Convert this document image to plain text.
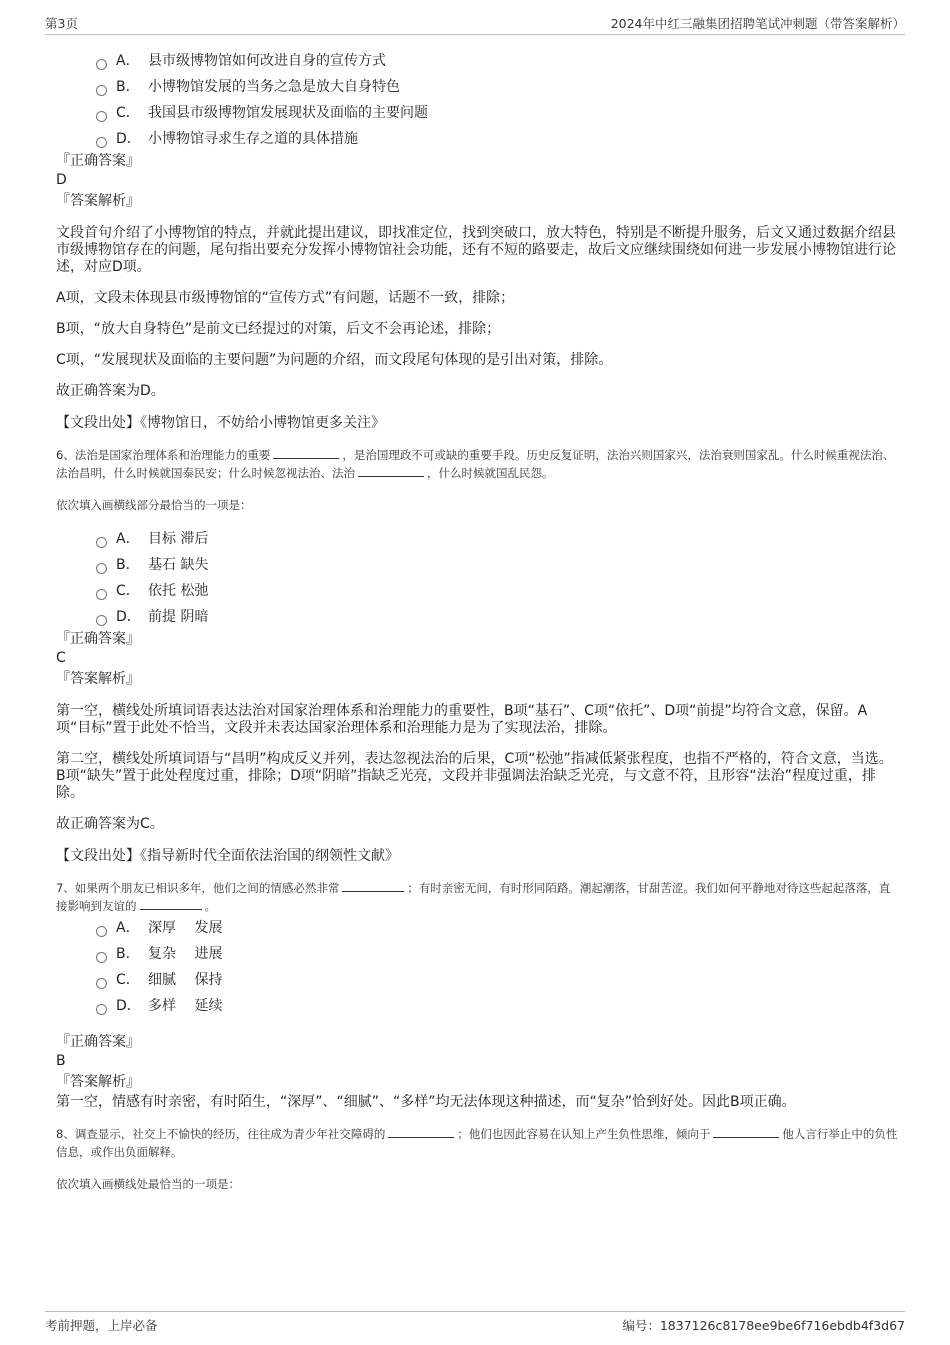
第3页	2024年中红三融集团招聘笔试冲刺题（带答案解析）
A． 县市级博物馆如何改进自身的宣传方式
B． 小博物馆发展的当务之急是放大自身特色
C． 我国县市级博物馆发展现状及面临的主要问题
D． 小博物馆寻求生存之道的具体措施

『正确答案』

D

『答案解析』

文段首句介绍了小博物馆的特点，并就此提出建议，即找准定位，找到突破口，放大特色，特别是不断提升服务，后文又通过数据介绍县市级博物馆存在的问题，尾句指出要充分发挥小博物馆社会功能，还有不短的路要走，故后文应继续围绕如何进一步发展小博物馆进行论述，对应D项。

A项，文段未体现县市级博物馆的“宣传方式”有问题，话题不一致，排除；

B项，“放大自身特色”是前文已经提过的对策，后文不会再论述，排除；

C项，“发展现状及面临的主要问题”为问题的介绍，而文段尾句体现的是引出对策，排除。

故正确答案为D。

【文段出处】《博物馆日，不妨给小博物馆更多关注》

6、法治是国家治理体系和治理能力的重要	，是治国理政不可或缺的重要手段。历史反复证明，法治兴则国家兴，法治衰则国家乱。什么时候重视法治、法治昌明，什么时候就国泰民安；什么时候忽视法治、法治	，什么时候就国乱民怨。

依次填入画横线部分最恰当的一项是：

A． 目标 滞后
B． 基石 缺失
C． 依托 松弛
D． 前提 阴暗

『正确答案』

C

『答案解析』

第一空，横线处所填词语表达法治对国家治理体系和治理能力的重要性，B项“基石”、C项“依托”、D项“前提”均符合文意，保留。A项“目标”置于此处不恰当，文段并未表达国家治理体系和治理能力是为了实现法治，排除。

第二空，横线处所填词语与“昌明”构成反义并列，表达忽视法治的后果，C项“松弛”指减低紧张程度，也指不严格的，符合文意，当选。B项“缺失”置于此处程度过重，排除；D项“阴暗”指缺乏光亮，文段并非强调法治缺乏光亮，与文意不符，且形容“法治”程度过重，排除。

故正确答案为C。

【文段出处】《指导新时代全面依法治国的纲领性文献》

7、如果两个朋友已相识多年，他们之间的情感必然非常	；有时亲密无间，有时形同陌路。潮起潮落，甘甜苦涩。我们如何平静地对待这些起起落落，直接影响到友谊的	。

A． 深厚　 发展
B． 复杂　 进展
C． 细腻　 保持
D． 多样　 延续

『正确答案』

B

『答案解析』

第一空，情感有时亲密，有时陌生，“深厚”、“细腻”、“多样”均无法体现这种描述，而“复杂”恰到好处。因此B项正确。

8、调查显示，社交上不愉快的经历，往往成为青少年社交障碍的	；他们也因此容易在认知上产生负性思维，倾向于	他人言行举止中的负性信息，或作出负面解释。

依次填入画横线处最恰当的一项是：

考前押题，上岸必备	编号：1837126c8178ee9be6f716ebdb4f3d67
